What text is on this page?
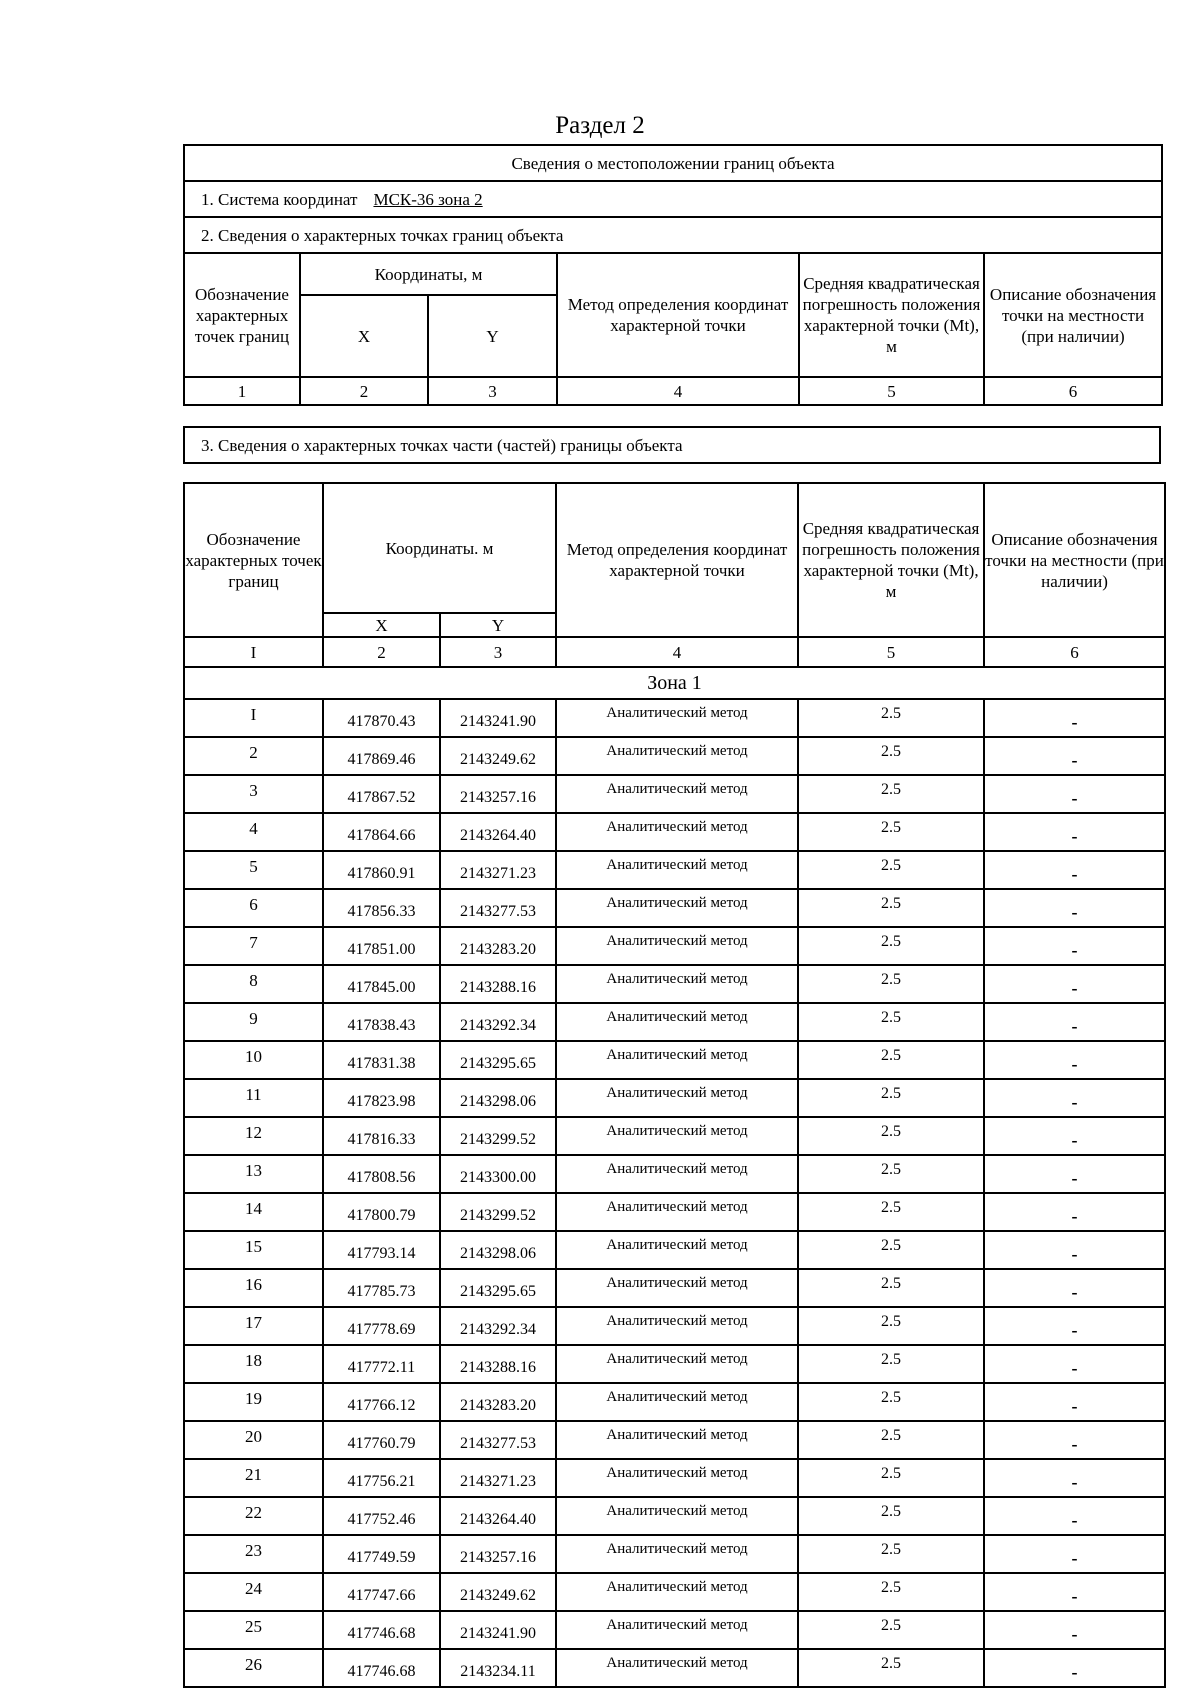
Раздел 2
Сведения о местоположении границ объекта					
1. Система координат МСК-36 зона 2					
2. Сведения о характерных точках границ объекта					
Обозначение характерных точек границ	Координаты, м		Метод определения координат характерной точки	Средняя квадратическая погрешность положения характерной точки (Mt), м	Описание обозначения точки на местности (при наличии)
	X	Y			
1	2	3	4	5	6
3. Сведения о характерных точках части (частей) границы объекта
Обозначение характерных точек границ	Координаты. м		Метод определения координат характерной точки	Средняя квадратическая погрешность положения характерной точки (Mt), м	Описание обозначения точки на местности (при наличии)
	X	Y			
I	2	3	4	5	6
Зона 1					
I	417870.43	2143241.90	Аналитический метод	2.5	-
2	417869.46	2143249.62	Аналитический метод	2.5	-
3	417867.52	2143257.16	Аналитический метод	2.5	-
4	417864.66	2143264.40	Аналитический метод	2.5	-
5	417860.91	2143271.23	Аналитический метод	2.5	-
6	417856.33	2143277.53	Аналитический метод	2.5	-
7	417851.00	2143283.20	Аналитический метод	2.5	-
8	417845.00	2143288.16	Аналитический метод	2.5	-
9	417838.43	2143292.34	Аналитический метод	2.5	-
10	417831.38	2143295.65	Аналитический метод	2.5	-
11	417823.98	2143298.06	Аналитический метод	2.5	-
12	417816.33	2143299.52	Аналитический метод	2.5	-
13	417808.56	2143300.00	Аналитический метод	2.5	-
14	417800.79	2143299.52	Аналитический метод	2.5	-
15	417793.14	2143298.06	Аналитический метод	2.5	-
16	417785.73	2143295.65	Аналитический метод	2.5	-
17	417778.69	2143292.34	Аналитический метод	2.5	-
18	417772.11	2143288.16	Аналитический метод	2.5	-
19	417766.12	2143283.20	Аналитический метод	2.5	-
20	417760.79	2143277.53	Аналитический метод	2.5	-
21	417756.21	2143271.23	Аналитический метод	2.5	-
22	417752.46	2143264.40	Аналитический метод	2.5	-
23	417749.59	2143257.16	Аналитический метод	2.5	-
24	417747.66	2143249.62	Аналитический метод	2.5	-
25	417746.68	2143241.90	Аналитический метод	2.5	-
26	417746.68	2143234.11	Аналитический метод	2.5	-
